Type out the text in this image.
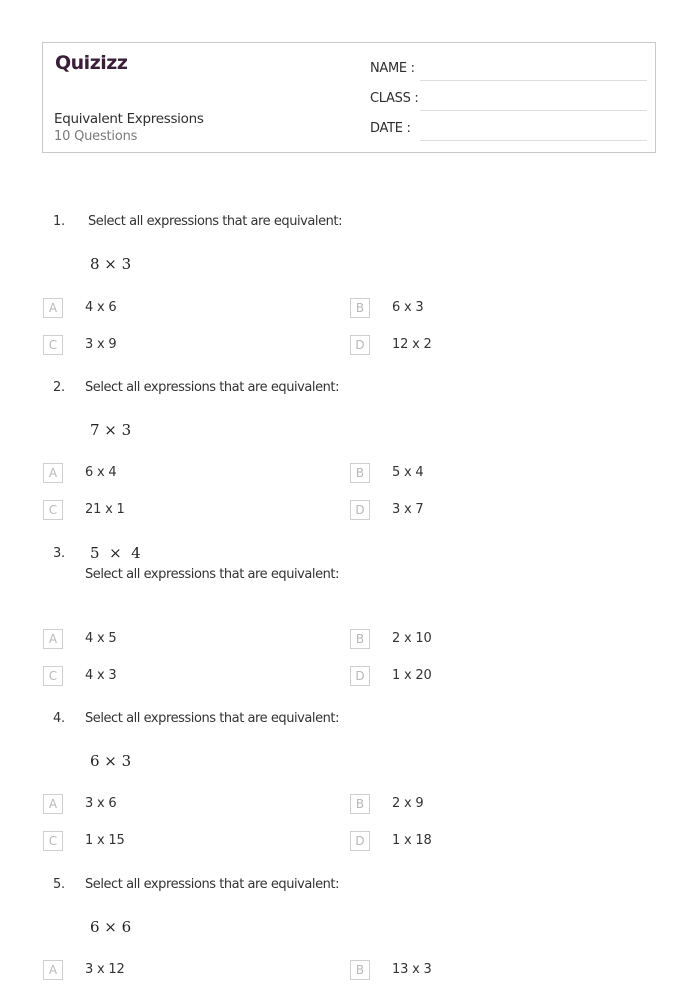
Quizizz
Equivalent Expressions
10 Questions
NAME :
CLASS :
DATE :
1. Select all expressions that are equivalent:
8 × 3
A	4 x 6	B	6 x 3
C	3 x 9	D	12 x 2
2. Select all expressions that are equivalent:
7 × 3
A	6 x 4	B	5 x 4
C	21 x 1	D	3 x 7
3. 5  ×  4
Select all expressions that are equivalent:
A	4 x 5	B	2 x 10
C	4 x 3	D	1 x 20
4. Select all expressions that are equivalent:
6 × 3
A	3 x 6	B	2 x 9
C	1 x 15	D	1 x 18
5. Select all expressions that are equivalent:
6 × 6
A	3 x 12	B	13 x 3
